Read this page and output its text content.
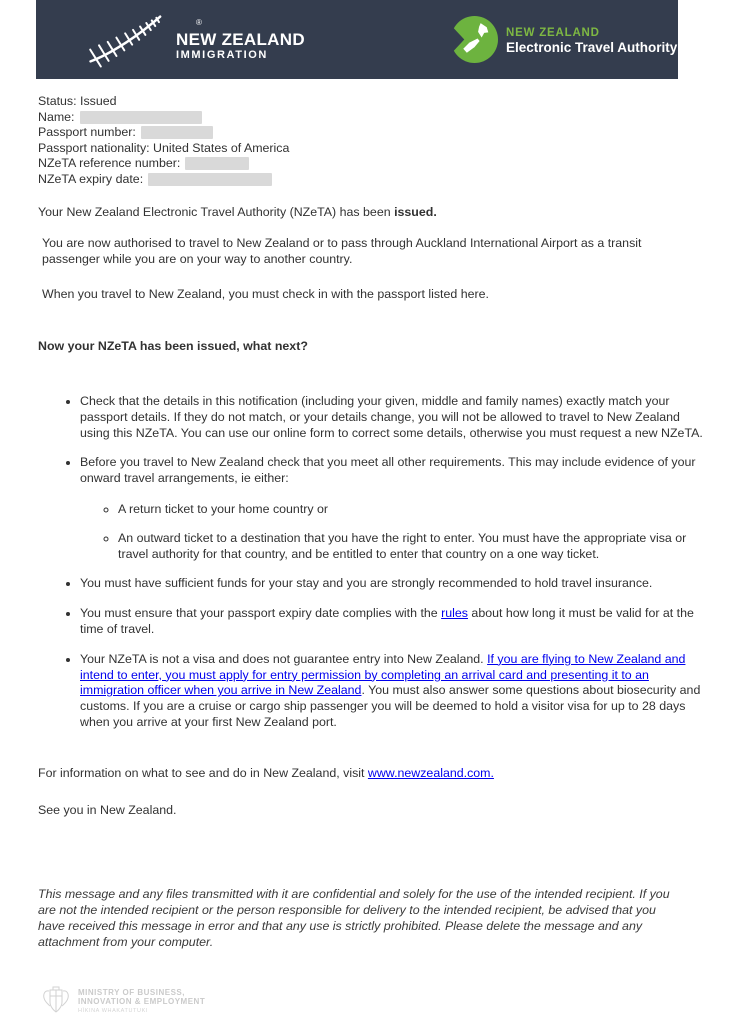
®
NEW ZEALAND
IMMIGRATION
NEW ZEALAND
Electronic Travel Authority
Status: Issued
Name:
Passport number:
Passport nationality: United States of America
NZeTA reference number:
NZeTA expiry date:
Your New Zealand Electronic Travel Authority (NZeTA) has been issued.
You are now authorised to travel to New Zealand or to pass through Auckland International Airport as a transit passenger while you are on your way to another country.
When you travel to New Zealand, you must check in with the passport listed here.
Now your NZeTA has been issued, what next?
• Check that the details in this notification (including your given, middle and family names) exactly match your passport details. If they do not match, or your details change, you will not be allowed to travel to New Zealand using this NZeTA. You can use our online form to correct some details, otherwise you must request a new NZeTA.
• Before you travel to New Zealand check that you meet all other requirements. This may include evidence of your onward travel arrangements, ie either:
◦ A return ticket to your home country or
◦ An outward ticket to a destination that you have the right to enter. You must have the appropriate visa or travel authority for that country, and be entitled to enter that country on a one way ticket.
• You must have sufficient funds for your stay and you are strongly recommended to hold travel insurance.
• You must ensure that your passport expiry date complies with the rules about how long it must be valid for at the time of travel.
• Your NZeTA is not a visa and does not guarantee entry into New Zealand. If you are flying to New Zealand and intend to enter, you must apply for entry permission by completing an arrival card and presenting it to an immigration officer when you arrive in New Zealand. You must also answer some questions about biosecurity and customs. If you are a cruise or cargo ship passenger you will be deemed to hold a visitor visa for up to 28 days when you arrive at your first New Zealand port.
For information on what to see and do in New Zealand, visit www.newzealand.com.
See you in New Zealand.
This message and any files transmitted with it are confidential and solely for the use of the intended recipient. If you are not the intended recipient or the person responsible for delivery to the intended recipient, be advised that you have received this message in error and that any use is strictly prohibited. Please delete the message and any attachment from your computer.
MINISTRY OF BUSINESS,
INNOVATION & EMPLOYMENT
HĪKINA WHAKATUTUKI
